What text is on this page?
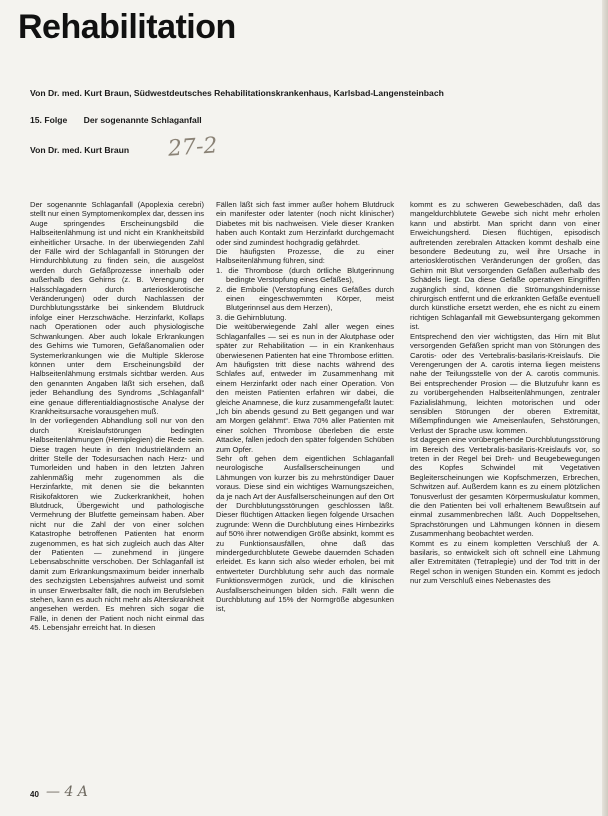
Rehabilitation
Von Dr. med. Kurt Braun, Südwestdeutsches Rehabilitationskrankenhaus, Karlsbad-Langensteinbach
15. Folge Der sogenannte Schlaganfall
Von Dr. med. Kurt Braun 27-2

Der sogenannte Schlaganfall (Apoplexia cerebri) stellt nur einen Symptomenkomplex dar, dessen ins Auge springendes Erscheinungsbild die Halbseitenlähmung ist und nicht ein Krankheitsbild einheitlicher Ursache. In der überwiegenden Zahl der Fälle wird der Schlaganfall in Störungen der Hirndurchblutung zu finden sein, die ausgelöst werden durch Gefäßprozesse innerhalb oder außerhalb des Gehirns (z. B. Verengung der Halsschlagadern durch arteriosklerotische Veränderungen) oder durch Nachlassen der Durchblutungsstärke bei sinkendem Blutdruck infolge einer Herzschwäche. Herzinfarkt, Kollaps nach Operationen oder auch physiologische Schwankungen. Aber auch lokale Erkrankungen des Gehirns wie Tumoren, Gefäßanomalien oder Systemerkrankungen wie die Multiple Sklerose können unter dem Erscheinungsbild der Halbseitenlähmung erstmals sichtbar werden. Aus den genannten Angaben läßt sich ersehen, daß jeder Behandlung des Syndroms „Schlaganfall“ eine genaue differentialdiagnostische Analyse der Krankheitsursache vorausgehen muß.

In der vorliegenden Abhandlung soll nur von den durch Kreislaufstörungen bedingten Halbseitenlähmungen (Hemiplegien) die Rede sein. Diese tragen heute in den Industrieländern an dritter Stelle der Todesursachen nach Herz- und Tumorleiden und haben in den letzten Jahren zahlenmäßig mehr zugenommen als die Herzinfarkte, mit denen sie die bekannten Risikofaktoren wie Zuckerkrankheit, hohen Blutdruck, Übergewicht und pathologische Vermehrung der Blutfette gemeinsam haben. Aber nicht nur die Zahl der von einer solchen Katastrophe betroffenen Patienten hat enorm zugenommen, es hat sich zugleich auch das Alter der Patienten — zunehmend in jüngere Lebensabschnitte verschoben. Der Schlaganfall ist damit zum Erkrankungsmaximum beider innerhalb des sechzigsten Lebensjahres aufweist und somit in unser Erwerbsalter fällt, die noch im Berufsleben stehen, kann es auch nicht mehr als Alterskrankheit angesehen werden. Es mehren sich sogar die Fälle, in denen der Patient noch nicht einmal das 45. Lebensjahr erreicht hat. In diesen

Fällen läßt sich fast immer außer hohem Blutdruck ein manifester oder latenter (noch nicht klinischer) Diabetes mit bis nachweisen. Viele dieser Kranken haben auch Kontakt zum Herzinfarkt durchgemacht oder sind zumindest hochgradig gefährdet.

Die häufigsten Prozesse, die zu einer Halbseitenlähmung führen, sind:

1. die Thrombose (durch örtliche Blutgerinnung bedingte Verstopfung eines Gefäßes),

2. die Embolie (Verstopfung eines Gefäßes durch einen eingeschwemmten Körper, meist Blutgerinnsel aus dem Herzen),

3. die Gehirnblutung.

Die weitüberwiegende Zahl aller wegen eines Schlaganfalles — sei es nun in der Akutphase oder später zur Rehabilitation — in ein Krankenhaus überwiesenen Patienten hat eine Thrombose erlitten. Am häufigsten tritt diese nachts während des Schlafes auf, entweder im Zusammenhang mit einem Herzinfarkt oder nach einer Operation. Von den meisten Patienten erfahren wir dabei, die gleiche Anamnese, die kurz zusammengefaßt lautet: „Ich bin abends gesund zu Bett gegangen und war am Morgen gelähmt“. Etwa 70% aller Patienten mit einer solchen Thrombose überleben die erste Attacke, fallen jedoch den später folgenden Schüben zum Opfer.

Sehr oft gehen dem eigentlichen Schlaganfall neurologische Ausfallserscheinungen und Lähmungen von kurzer bis zu mehrstündiger Dauer voraus. Diese sind ein wichtiges Warnungszeichen, da je nach Art der Ausfallserscheinungen auf den Ort der Durchblutungsstörungen geschlossen läßt. Dieser flüchtigen Attacken liegen folgende Ursachen zugrunde: Wenn die Durchblutung eines Hirnbezirks auf 50% ihrer notwendigen Größe absinkt, kommt es zu Funktionsausfällen, ohne daß das mindergedurchblutete Gewebe dauernden Schaden erleidet. Es kann sich also wieder erholen, bei mit entwerteter Durchblutung sehr auch das normale Funktionsvermögen zurück, und die klinischen Ausfallserscheinungen bilden sich. Fällt wenn die Durchblutung auf 15% der Normgröße abgesunken ist,

kommt es zu schweren Gewebeschäden, daß das mangeldurchblutete Gewebe sich nicht mehr erholen kann und abstirbt. Man spricht dann von einer Erweichungsherd. Diesen flüchtigen, episodisch auftretenden zerebralen Attacken kommt deshalb eine besondere Bedeutung zu, weil ihre Ursache in arteriosklerotischen Veränderungen der großen, das Gehirn mit Blut versorgenden Gefäßen außerhalb des Schädels liegt. Da diese Gefäße operativen Eingriffen zugänglich sind, können die Strömungshindernisse chirurgisch entfernt und die erkrankten Gefäße eventuell durch künstliche ersetzt werden, ehe es nicht zu einem richtigen Schlaganfall mit Gewebsuntergang gekommen ist.

Entsprechend den vier wichtigsten, das Hirn mit Blut versorgenden Gefäßen spricht man von Störungen des Carotis- oder des Vertebralis-basilaris-Kreislaufs. Die Verengerungen der A. carotis interna liegen meistens nahe der Teilungsstelle von der A. carotis communis. Bei entsprechender Prosion — die Blutzufuhr kann es zu vorübergehenden Halbseitenlähmungen, zentraler Fazialislähmung, leichten motorischen und oder sensiblen Störungen der oberen Extremität, Mißempfindungen wie Ameisenlaufen, Sehstörungen, Verlust der Sprache usw. kommen.

Ist dagegen eine vorübergehende Durchblutungsstörung im Bereich des Vertebralis-basilaris-Kreislaufs vor, so treten in der Regel bei Dreh- und Beugebewegungen des Kopfes Schwindel mit Vegetativen Begleiterscheinungen wie Kopfschmerzen, Erbrechen, Schwitzen auf. Außerdem kann es zu einem plötzlichen Tonusverlust der gesamten Körpermuskulatur kommen, die den Patienten bei voll erhaltenem Bewußtsein auf einmal zusammenbrechen läßt. Auch Doppeltsehen, Sprachstörungen und Lähmungen können in diesem Zusammenhang beobachtet werden.

Kommt es zu einem kompletten Verschluß der A. basilaris, so entwickelt sich oft schnell eine Lähmung aller Extremitäten (Tetraplegie) und der Tod tritt in der Regel schon in wenigen Stunden ein. Kommt es jedoch nur zum Verschluß eines Nebenastes des

40 — 4 A
